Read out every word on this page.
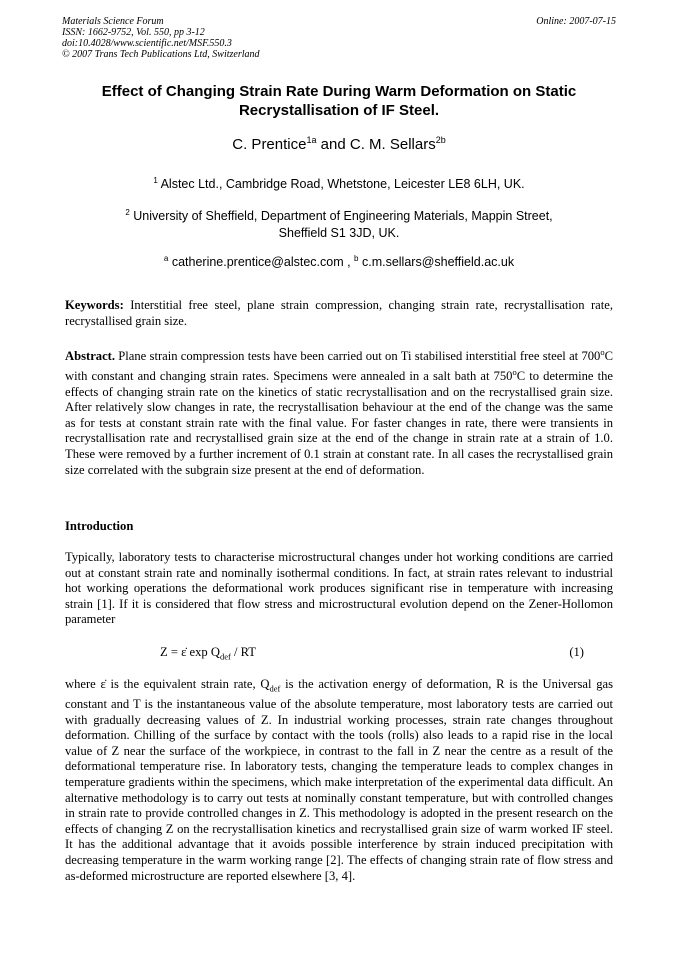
Materials Science Forum
ISSN: 1662-9752, Vol. 550, pp 3-12
doi:10.4028/www.scientific.net/MSF.550.3
© 2007 Trans Tech Publications Ltd, Switzerland
Online: 2007-07-15
Effect of Changing Strain Rate During Warm Deformation on Static
Recrystallisation of IF Steel.
C. Prentice$^{1a}$ and C. M. Sellars$^{2b}$
$^1$ Alstec Ltd., Cambridge Road, Whetstone, Leicester LE8 6LH, UK.
$^2$ University of Sheffield, Department of Engineering Materials, Mappin Street,
Sheffield S1 3JD, UK.
$^a$ catherine.prentice@alstec.com , $^b$ c.m.sellars@sheffield.ac.uk
Keywords: Interstitial free steel, plane strain compression, changing strain rate, recrystallisation rate, recrystallised grain size.
Abstract. Plane strain compression tests have been carried out on Ti stabilised interstitial free steel at 700$^o$C with constant and changing strain rates. Specimens were annealed in a salt bath at 750$^o$C to determine the effects of changing strain rate on the kinetics of static recrystallisation and on the recrystallised grain size. After relatively slow changes in rate, the recrystallisation behaviour at the end of the change was the same as for tests at constant strain rate with the final value. For faster changes in rate, there were transients in recrystallisation rate and recrystallised grain size at the end of the change in strain rate at a strain of 1.0. These were removed by a further increment of 0.1 strain at constant rate. In all cases the recrystallised grain size correlated with the subgrain size present at the end of deformation.
Introduction
Typically, laboratory tests to characterise microstructural changes under hot working conditions are carried out at constant strain rate and nominally isothermal conditions. In fact, at strain rates relevant to industrial hot working operations the deformational work produces significant rise in temperature with increasing strain [1]. If it is considered that flow stress and microstructural evolution depend on the Zener-Hollomon parameter
Z = ε̇ $\exp Q_{def}$ / RT	(1)
where ε̇ is the equivalent strain rate, $Q_{def}$ is the activation energy of deformation, R is the Universal gas constant and T is the instantaneous value of the absolute temperature, most laboratory tests are carried out with gradually decreasing values of Z. In industrial working processes, strain rate changes throughout deformation. Chilling of the surface by contact with the tools (rolls) also leads to a rapid rise in the local value of Z near the surface of the workpiece, in contrast to the fall in Z near the centre as a result of the deformational temperature rise. In laboratory tests, changing the temperature leads to complex changes in temperature gradients within the specimens, which make interpretation of the experimental data difficult. An alternative methodology is to carry out tests at nominally constant temperature, but with controlled changes in strain rate to provide controlled changes in Z. This methodology is adopted in the present research on the effects of changing Z on the recrystallisation kinetics and recrystallised grain size of warm worked IF steel. It has the additional advantage that it avoids possible interference by strain induced precipitation with decreasing temperature in the warm working range [2]. The effects of changing strain rate of flow stress and as-deformed microstructure are reported elsewhere [3, 4].
